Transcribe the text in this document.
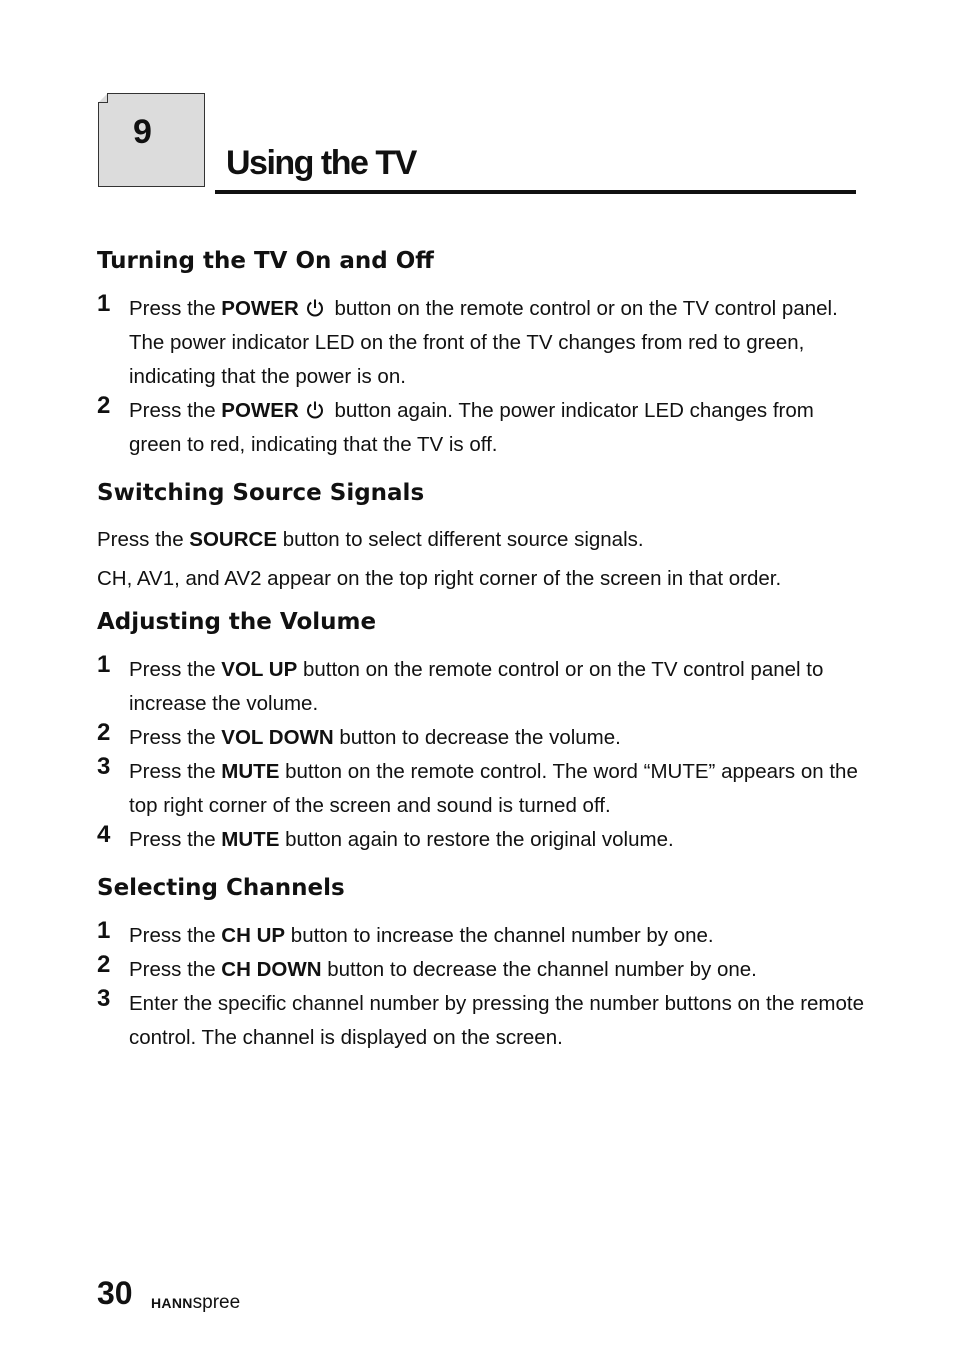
9
Using the TV
Turning the TV On and Off
1 Press the POWER button on the remote control or on the TV control panel. The power indicator LED on the front of the TV changes from red to green, indicating that the power is on.
2 Press the POWER button again. The power indicator LED changes from green to red, indicating that the TV is off.
Switching Source Signals
Press the SOURCE button to select different source signals.
CH, AV1, and AV2 appear on the top right corner of the screen in that order.
Adjusting the Volume
1 Press the VOL UP button on the remote control or on the TV control panel to increase the volume.
2 Press the VOL DOWN button to decrease the volume.
3 Press the MUTE button on the remote control. The word “MUTE” appears on the top right corner of the screen and sound is turned off.
4 Press the MUTE button again to restore the original volume.
Selecting Channels
1 Press the CH UP button to increase the channel number by one.
2 Press the CH DOWN button to decrease the channel number by one.
3 Enter the specific channel number by pressing the number buttons on the remote control. The channel is displayed on the screen.
30 HANNspree
